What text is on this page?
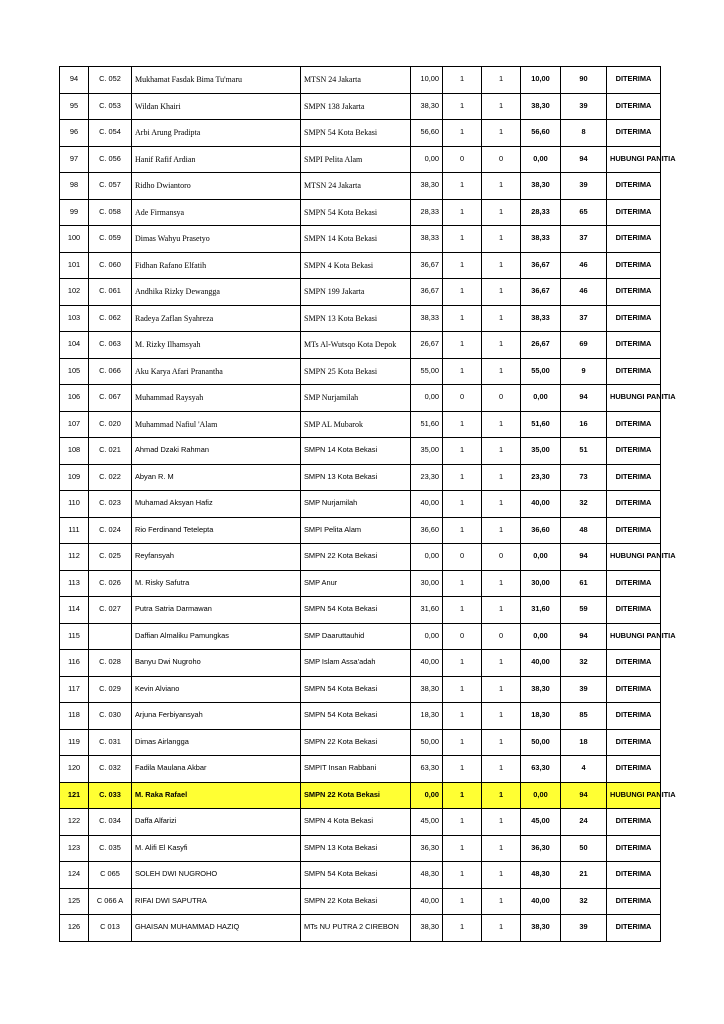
94	C. 052	Mukhamat Fasdak Bima Tu'maru	MTSN 24 Jakarta	10,00	1	1	10,00	90	DITERIMA
95	C. 053	Wildan Khairi	SMPN 138 Jakarta	38,30	1	1	38,30	39	DITERIMA
96	C. 054	Arbi Arung Pradipta	SMPN 54 Kota Bekasi	56,60	1	1	56,60	8	DITERIMA
97	C. 056	Hanif Rafif Ardian	SMPI Pelita Alam	0,00	0	0	0,00	94	HUBUNGI PANITIA
98	C. 057	Ridho Dwiantoro	MTSN 24 Jakarta	38,30	1	1	38,30	39	DITERIMA
99	C. 058	Ade Firmansya	SMPN 54 Kota Bekasi	28,33	1	1	28,33	65	DITERIMA
100	C. 059	Dimas Wahyu Prasetyo	SMPN 14 Kota Bekasi	38,33	1	1	38,33	37	DITERIMA
101	C. 060	Fidhan Rafano Elfatih	SMPN 4 Kota Bekasi	36,67	1	1	36,67	46	DITERIMA
102	C. 061	Andhika Rizky Dewangga	SMPN 199 Jakarta	36,67	1	1	36,67	46	DITERIMA
103	C. 062	Radeya Zaflan Syahreza	SMPN 13 Kota Bekasi	38,33	1	1	38,33	37	DITERIMA
104	C. 063	M. Rizky Ilhamsyah	MTs Al-Wutsqo Kota Depok	26,67	1	1	26,67	69	DITERIMA
105	C. 066	Aku Karya Afari Pranantha	SMPN 25 Kota Bekasi	55,00	1	1	55,00	9	DITERIMA
106	C. 067	Muhammad Raysyah	SMP Nurjamilah	0,00	0	0	0,00	94	HUBUNGI PANITIA
107	C. 020	Muhammad Nafiul 'Alam	SMP AL Mubarok	51,60	1	1	51,60	16	DITERIMA
108	C. 021	Ahmad Dzaki Rahman	SMPN 14 Kota Bekasi	35,00	1	1	35,00	51	DITERIMA
109	C. 022	Abyan R. M	SMPN 13 Kota Bekasi	23,30	1	1	23,30	73	DITERIMA
110	C. 023	Muhamad Aksyan Hafiz	SMP Nurjamilah	40,00	1	1	40,00	32	DITERIMA
111	C. 024	Rio Ferdinand Tetelepta	SMPI Pelita Alam	36,60	1	1	36,60	48	DITERIMA
112	C. 025	Reyfansyah	SMPN 22 Kota Bekasi	0,00	0	0	0,00	94	HUBUNGI PANITIA
113	C. 026	M. Risky Safutra	SMP Anur	30,00	1	1	30,00	61	DITERIMA
114	C. 027	Putra Satria Darmawan	SMPN 54 Kota Bekasi	31,60	1	1	31,60	59	DITERIMA
115		Daffian Almaliku Pamungkas	SMP Daaruttauhid	0,00	0	0	0,00	94	HUBUNGI PANITIA
116	C. 028	Banyu Dwi Nugroho	SMP Islam Assa'adah	40,00	1	1	40,00	32	DITERIMA
117	C. 029	Kevin Alviano	SMPN 54 Kota Bekasi	38,30	1	1	38,30	39	DITERIMA
118	C. 030	Arjuna Ferbiyansyah	SMPN 54 Kota Bekasi	18,30	1	1	18,30	85	DITERIMA
119	C. 031	Dimas Airlangga	SMPN 22 Kota Bekasi	50,00	1	1	50,00	18	DITERIMA
120	C. 032	Fadila Maulana Akbar	SMPIT Insan Rabbani	63,30	1	1	63,30	4	DITERIMA
121	C. 033	M. Raka Rafael	SMPN 22 Kota Bekasi	0,00	1	1	0,00	94	HUBUNGI PANITIA
122	C. 034	Daffa Alfarizi	SMPN 4 Kota Bekasi	45,00	1	1	45,00	24	DITERIMA
123	C. 035	M. Alifi El Kasyfi	SMPN 13 Kota Bekasi	36,30	1	1	36,30	50	DITERIMA
124	C 065	SOLEH DWI NUGROHO	SMPN 54 Kota Bekasi	48,30	1	1	48,30	21	DITERIMA
125	C 066 A	RIFAI DWI SAPUTRA	SMPN 22 Kota Bekasi	40,00	1	1	40,00	32	DITERIMA
126	C 013	GHAISAN MUHAMMAD HAZIQ	MTs NU PUTRA 2 CIREBON	38,30	1	1	38,30	39	DITERIMA
